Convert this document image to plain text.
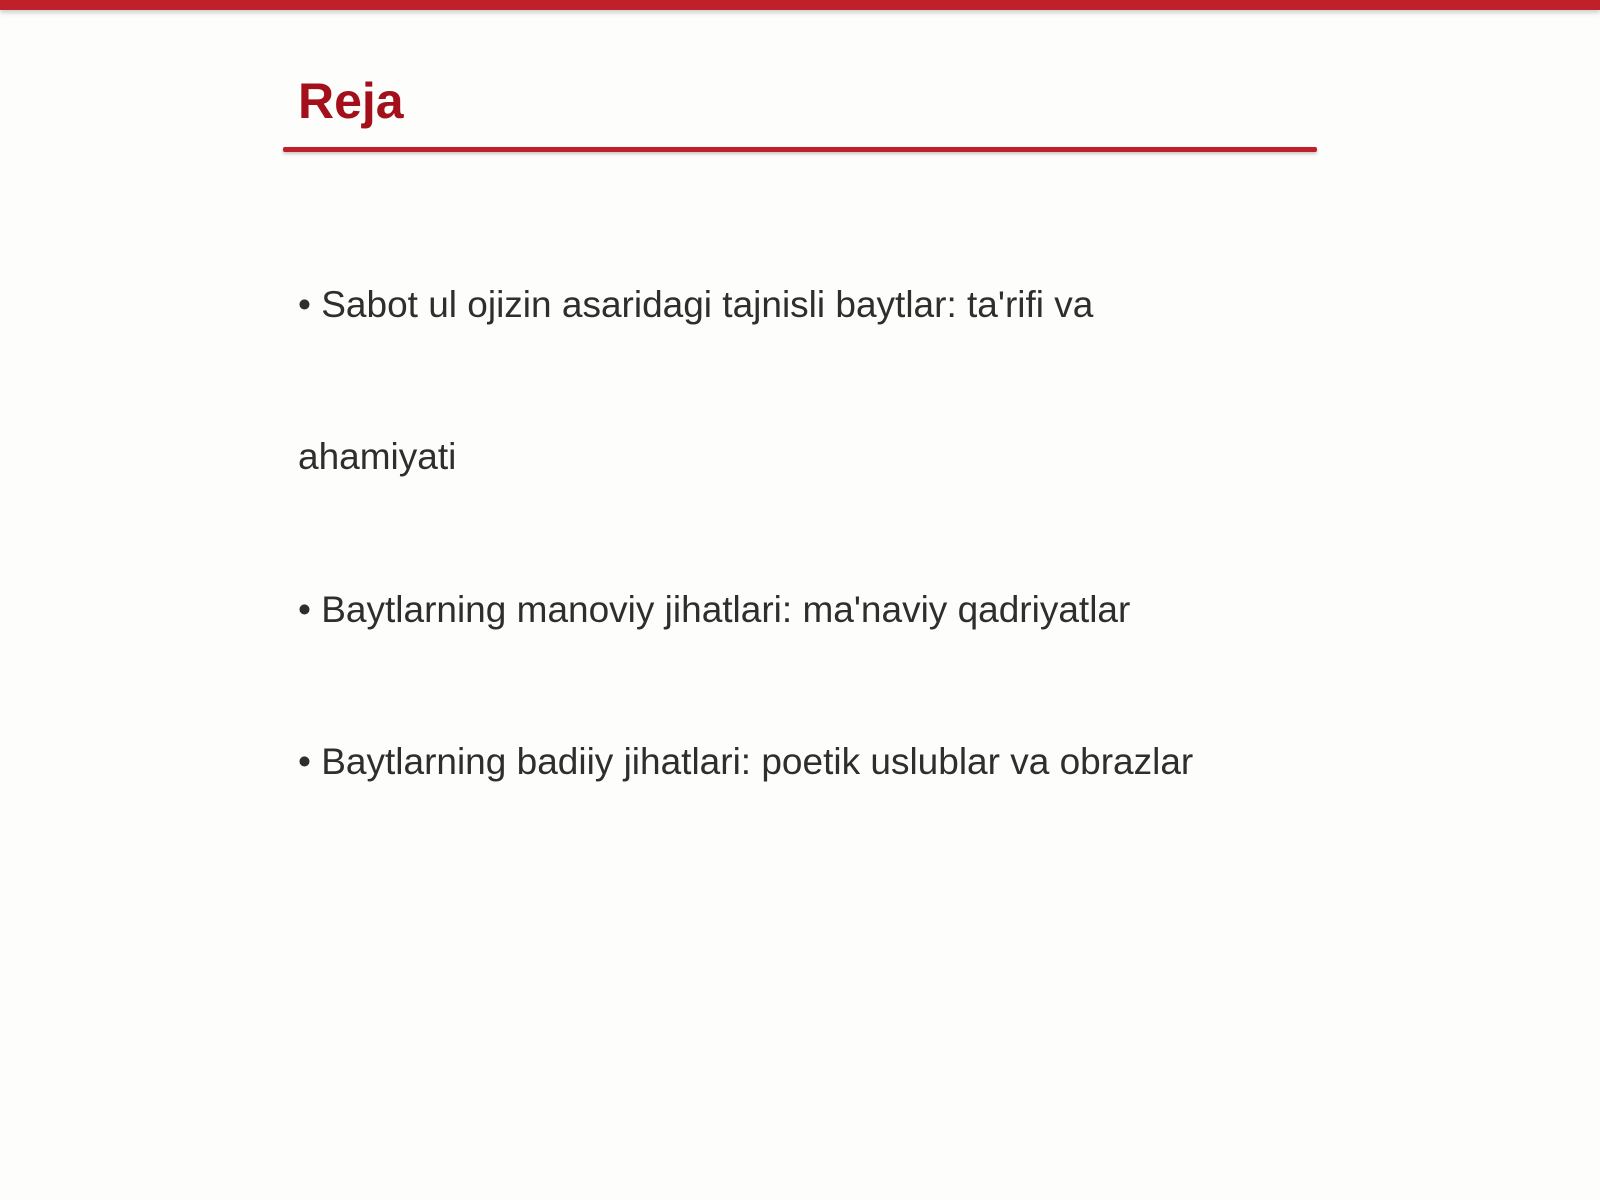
Reja

• Sabot ul ojizin asaridagi tajnisli baytlar: ta'rifi va

ahamiyati

• Baytlarning manoviy jihatlari: ma'naviy qadriyatlar

• Baytlarning badiiy jihatlari: poetik uslublar va obrazlar
